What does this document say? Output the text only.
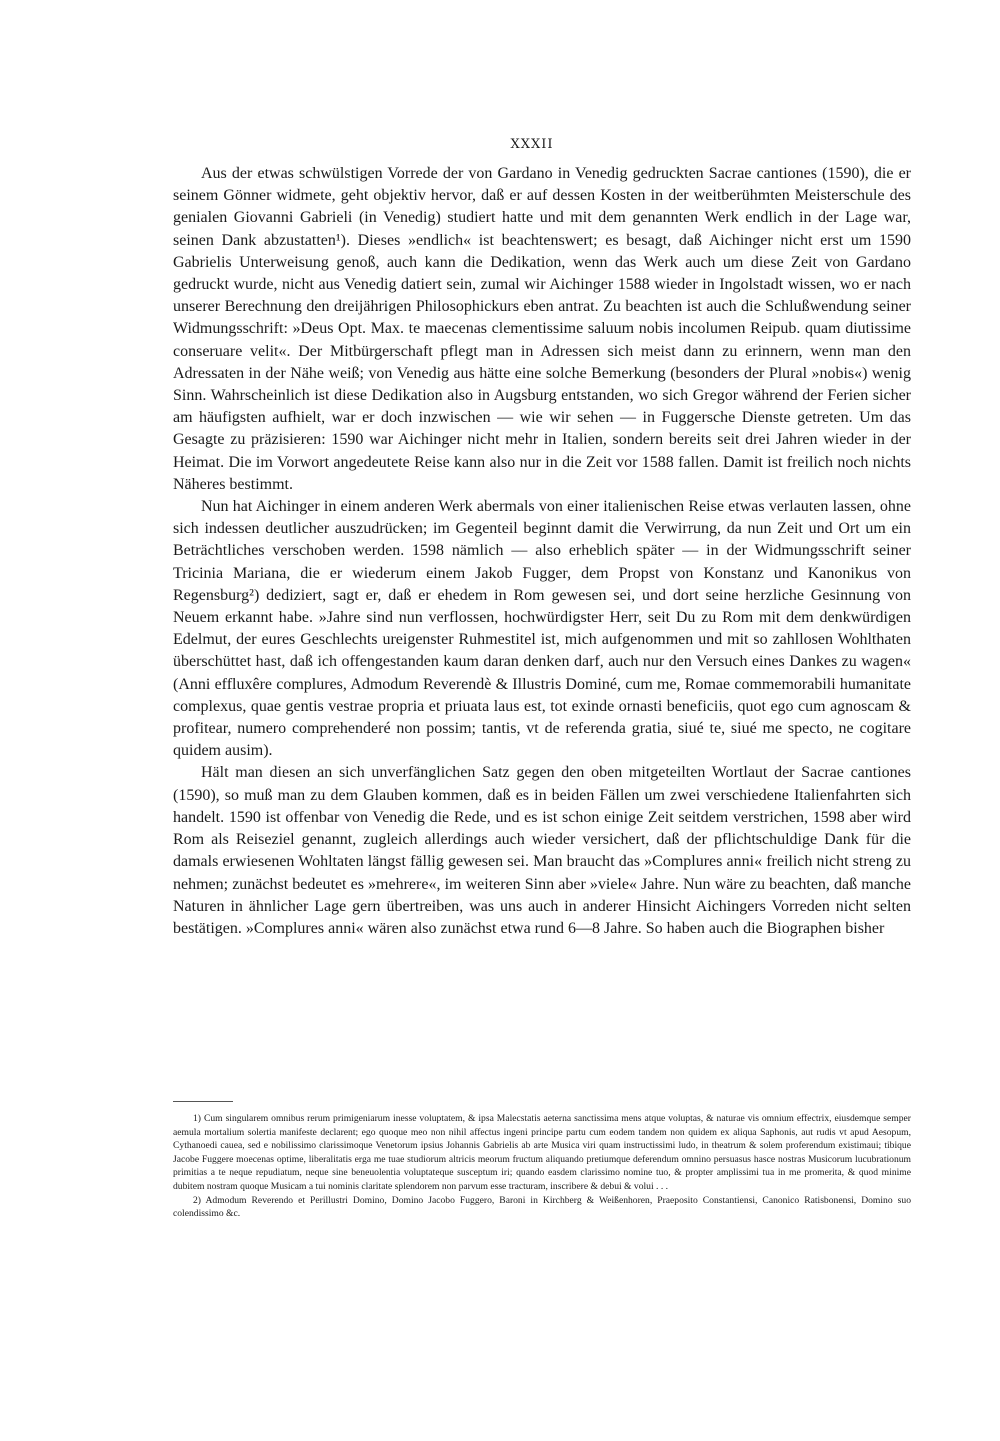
XXXII

Aus der etwas schwülstigen Vorrede der von Gardano in Venedig gedruckten Sacrae cantiones (1590), die er seinem Gönner widmete, geht objektiv hervor, daß er auf dessen Kosten in der weitberühmten Meisterschule des genialen Giovanni Gabrieli (in Venedig) studiert hatte und mit dem genannten Werk endlich in der Lage war, seinen Dank abzustatten¹). Dieses »endlich« ist beachtenswert; es besagt, daß Aichinger nicht erst um 1590 Gabrielis Unterweisung genoß, auch kann die Dedikation, wenn das Werk auch um diese Zeit von Gardano gedruckt wurde, nicht aus Venedig datiert sein, zumal wir Aichinger 1588 wieder in Ingolstadt wissen, wo er nach unserer Berechnung den dreijährigen Philosophickurs eben antrat. Zu beachten ist auch die Schlußwendung seiner Widmungsschrift: »Deus Opt. Max. te maecenas clementissime saluum nobis incolumen Reipub. quam diutissime conseruare velit«. Der Mitbürgerschaft pflegt man in Adressen sich meist dann zu erinnern, wenn man den Adressaten in der Nähe weiß; von Venedig aus hätte eine solche Bemerkung (besonders der Plural »nobis«) wenig Sinn. Wahrscheinlich ist diese Dedikation also in Augsburg entstanden, wo sich Gregor während der Ferien sicher am häufigsten aufhielt, war er doch inzwischen — wie wir sehen — in Fuggersche Dienste getreten. Um das Gesagte zu präzisieren: 1590 war Aichinger nicht mehr in Italien, sondern bereits seit drei Jahren wieder in der Heimat. Die im Vorwort angedeutete Reise kann also nur in die Zeit vor 1588 fallen. Damit ist freilich noch nichts Näheres bestimmt.

Nun hat Aichinger in einem anderen Werk abermals von einer italienischen Reise etwas verlauten lassen, ohne sich indessen deutlicher auszudrücken; im Gegenteil beginnt damit die Verwirrung, da nun Zeit und Ort um ein Beträchtliches verschoben werden. 1598 nämlich — also erheblich später — in der Widmungsschrift seiner Tricinia Mariana, die er wiederum einem Jakob Fugger, dem Propst von Konstanz und Kanonikus von Regensburg²) dediziert, sagt er, daß er ehedem in Rom gewesen sei, und dort seine herzliche Gesinnung von Neuem erkannt habe. »Jahre sind nun verflossen, hochwürdigster Herr, seit Du zu Rom mit dem denkwürdigen Edelmut, der eures Geschlechts ureigenster Ruhmestitel ist, mich aufgenommen und mit so zahllosen Wohlthaten überschüttet hast, daß ich offengestanden kaum daran denken darf, auch nur den Versuch eines Dankes zu wagen« (Anni effluxêre complures, Admodum Reverendè & Illustris Dominé, cum me, Romae commemorabili humanitate complexus, quae gentis vestrae propria et priuata laus est, tot exinde ornasti beneficiis, quot ego cum agnoscam & profitear, numero comprehenderé non possim; tantis, vt de referenda gratia, siué te, siué me specto, ne cogitare quidem ausim).

Hält man diesen an sich unverfänglichen Satz gegen den oben mitgeteilten Wortlaut der Sacrae cantiones (1590), so muß man zu dem Glauben kommen, daß es in beiden Fällen um zwei verschiedene Italienfahrten sich handelt. 1590 ist offenbar von Venedig die Rede, und es ist schon einige Zeit seitdem verstrichen, 1598 aber wird Rom als Reiseziel genannt, zugleich allerdings auch wieder versichert, daß der pflichtschuldige Dank für die damals erwiesenen Wohltaten längst fällig gewesen sei. Man braucht das »Complures anni« freilich nicht streng zu nehmen; zunächst bedeutet es »mehrere«, im weiteren Sinn aber »viele« Jahre. Nun wäre zu beachten, daß manche Naturen in ähnlicher Lage gern übertreiben, was uns auch in anderer Hinsicht Aichingers Vorreden nicht selten bestätigen. »Complures anni« wären also zunächst etwa rund 6—8 Jahre. So haben auch die Biographen bisher

1) Cum singularem omnibus rerum primigeniarum inesse voluptatem, & ipsa Malecstatis aeterna sanctissima mens atque voluptas, & naturae vis omnium effectrix, eiusdemque semper aemula mortalium solertia manifeste declarent; ego quoque meo non nihil affectus ingeni principe partu cum eodem tandem non quidem ex aliqua Saphonis, aut rudis vt apud Aesopum, Cythanoedi cauea, sed e nobilissimo clarissimoque Venetorum ipsius Johannis Gabrielis ab arte Musica viri quam instructissimi ludo, in theatrum & solem proferendum existimaui; tibique Jacobe Fuggere moecenas optime, liberalitatis erga me tuae studiorum altricis meorum fructum aliquando pretiumque deferendum omnino persuasus hasce nostras Musicorum lucubrationum primitias a te neque repudiatum, neque sine beneuolentia voluptateque susceptum iri; quando easdem clarissimo nomine tuo, & propter amplissimi tua in me promerita, & quod minime dubitem nostram quoque Musicam a tui nominis claritate splendorem non parvum esse tracturam, inscribere & debui & volui . . .

2) Admodum Reverendo et Perillustri Domino, Domino Jacobo Fuggero, Baroni in Kirchberg & Weißenhoren, Praeposito Constantiensi, Canonico Ratisbonensi, Domino suo colendissimo &c.
